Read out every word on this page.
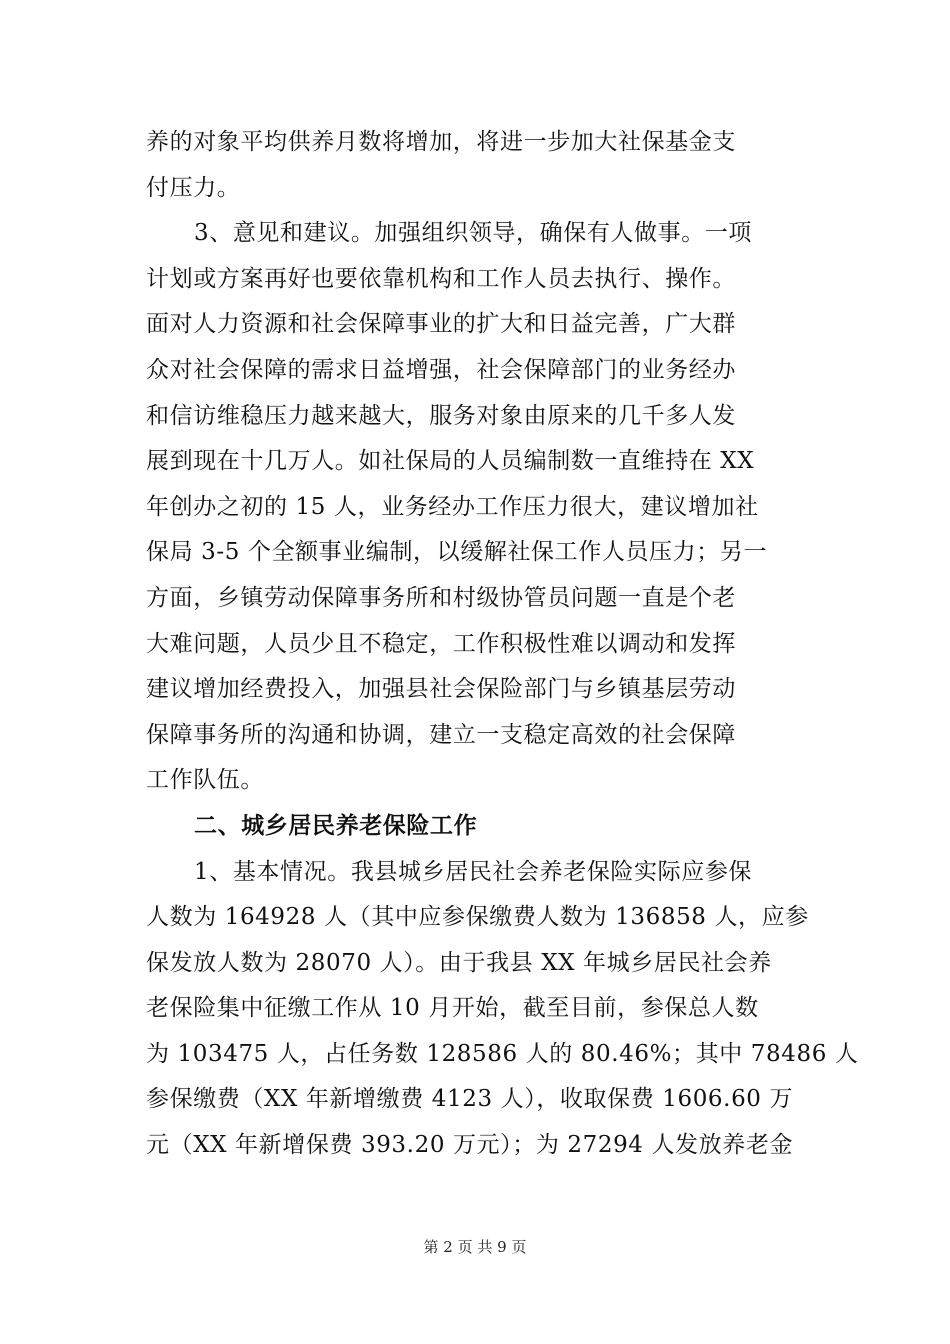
养的对象平均供养月数将增加，将进一步加大社保基金支
付压力。
3、意见和建议。加强组织领导，确保有人做事。一项
计划或方案再好也要依靠机构和工作人员去执行、操作。
面对人力资源和社会保障事业的扩大和日益完善，广大群
众对社会保障的需求日益增强，社会保障部门的业务经办
和信访维稳压力越来越大，服务对象由原来的几千多人发
展到现在十几万人。如社保局的人员编制数一直维持在 XX
年创办之初的 15 人，业务经办工作压力很大，建议增加社
保局 3-5 个全额事业编制，以缓解社保工作人员压力；另一
方面，乡镇劳动保障事务所和村级协管员问题一直是个老
大难问题，人员少且不稳定，工作积极性难以调动和发挥
建议增加经费投入，加强县社会保险部门与乡镇基层劳动
保障事务所的沟通和协调，建立一支稳定高效的社会保障
工作队伍。
二、城乡居民养老保险工作
1、基本情况。我县城乡居民社会养老保险实际应参保
人数为 164928 人（其中应参保缴费人数为 136858 人，应参
保发放人数为 28070 人）。由于我县 XX 年城乡居民社会养
老保险集中征缴工作从 10 月开始，截至目前，参保总人数
为 103475 人，占任务数 128586 人的 80.46%；其中 78486 人
参保缴费（XX 年新增缴费 4123 人），收取保费 1606.60 万
元（XX 年新增保费 393.20 万元）；为 27294 人发放养老金
第 2 页 共 9 页
